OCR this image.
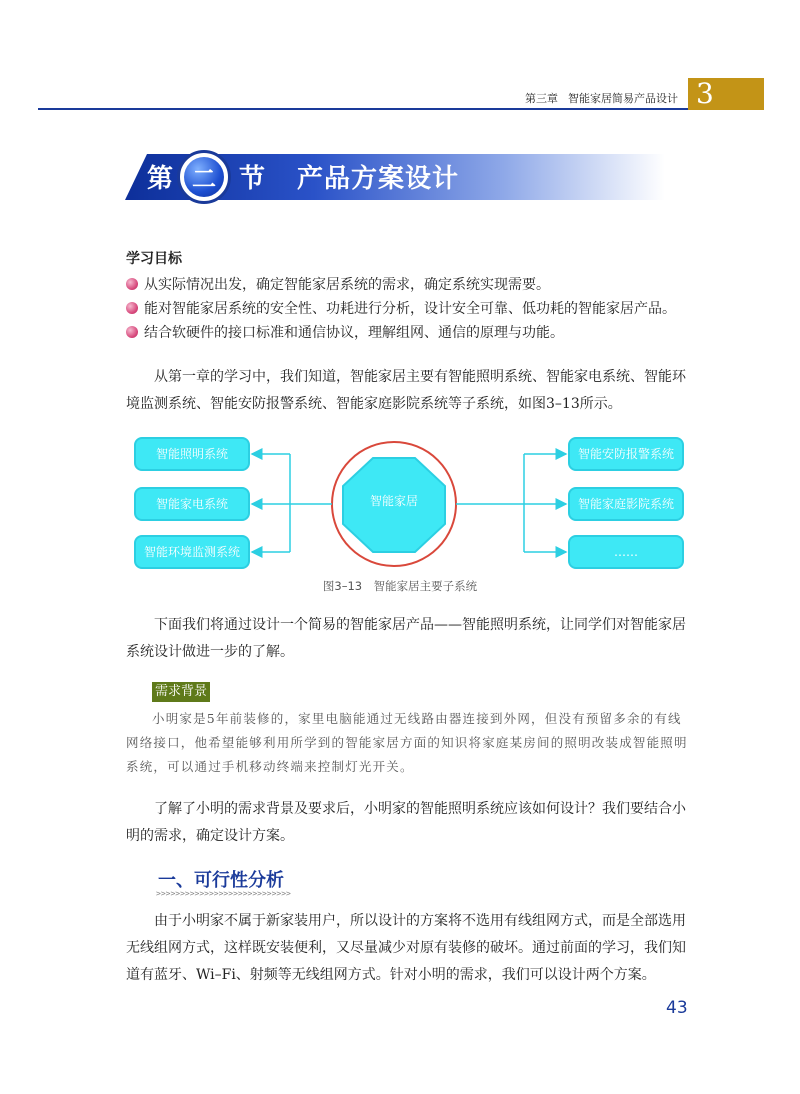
第三章 智能家居简易产品设计 3
第 二 节 产品方案设计
学习目标
从实际情况出发，确定智能家居系统的需求，确定系统实现需要。
能对智能家居系统的安全性、功耗进行分析，设计安全可靠、低功耗的智能家居产品。
结合软硬件的接口标准和通信协议，理解组网、通信的原理与功能。

从第一章的学习中，我们知道，智能家居主要有智能照明系统、智能家电系统、智能环境监测系统、智能安防报警系统、智能家庭影院系统等子系统，如图3–13所示。

智能家居
智能照明系统
智能家电系统
智能环境监测系统
智能安防报警系统
智能家庭影院系统
……
图3–13　智能家居主要子系统

下面我们将通过设计一个简易的智能家居产品——智能照明系统，让同学们对智能家居系统设计做进一步的了解。

需求背景
小明家是5年前装修的，家里电脑能通过无线路由器连接到外网，但没有预留多余的有线网络接口，他希望能够利用所学到的智能家居方面的知识将家庭某房间的照明改装成智能照明系统，可以通过手机移动终端来控制灯光开关。

了解了小明的需求背景及要求后，小明家的智能照明系统应该如何设计？我们要结合小明的需求，确定设计方案。

一、可行性分析
>>>>>>>>>>>>>>>>>>>>>>>>>>>>

由于小明家不属于新家装用户，所以设计的方案将不选用有线组网方式，而是全部选用无线组网方式，这样既安装便利，又尽量减少对原有装修的破坏。通过前面的学习，我们知道有蓝牙、Wi–Fi、射频等无线组网方式。针对小明的需求，我们可以设计两个方案。

43
